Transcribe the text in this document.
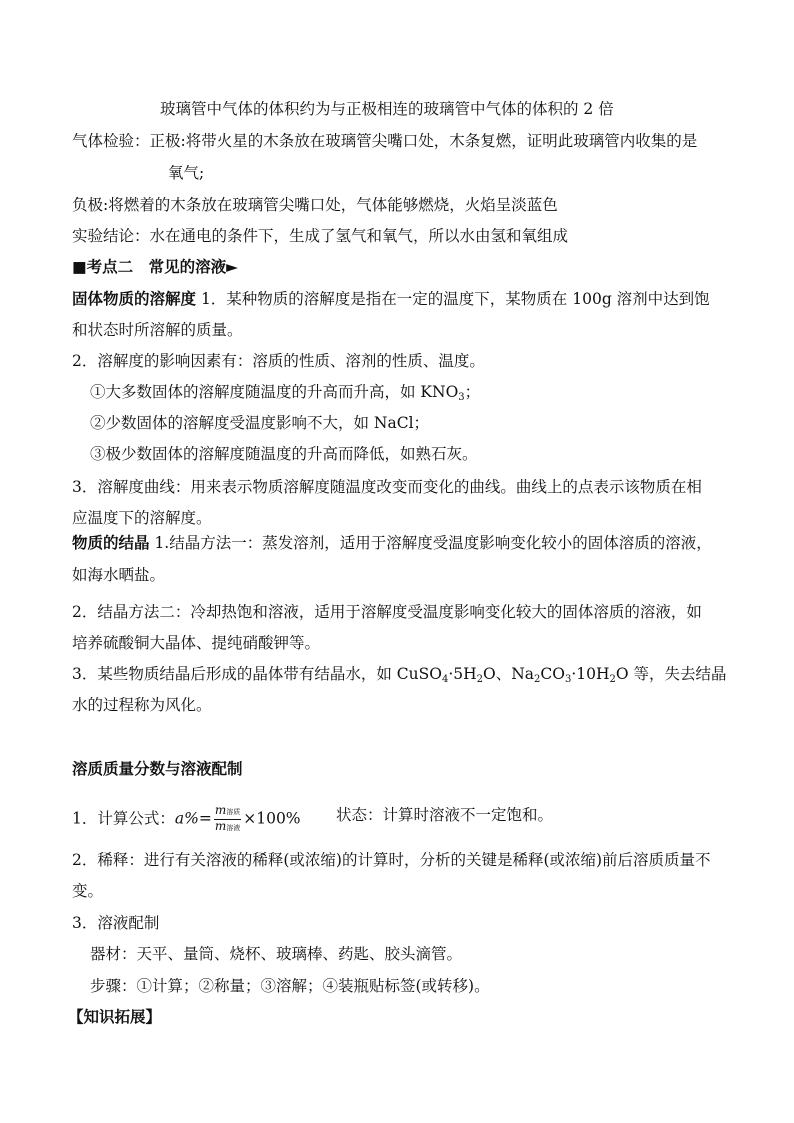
玻璃管中气体的体积约为与正极相连的玻璃管中气体的体积的 2 倍
气体检验：正极:将带火星的木条放在玻璃管尖嘴口处，木条复燃，证明此玻璃管内收集的是
氧气;
负极:将燃着的木条放在玻璃管尖嘴口处，气体能够燃烧，火焰呈淡蓝色
实验结论：水在通电的条件下，生成了氢气和氧气，所以水由氢和氧组成
■考点二　常见的溶液►
固体物质的溶解度 1．某种物质的溶解度是指在一定的温度下，某物质在 100g 溶剂中达到饱
和状态时所溶解的质量。
2．溶解度的影响因素有：溶质的性质、溶剂的性质、温度。
①大多数固体的溶解度随温度的升高而升高，如 $KNO_3$；
②少数固体的溶解度受温度影响不大，如 NaCl；
③极少数固体的溶解度随温度的升高而降低，如熟石灰。
3．溶解度曲线：用来表示物质溶解度随温度改变而变化的曲线。曲线上的点表示该物质在相
应温度下的溶解度。
物质的结晶 1.结晶方法一：蒸发溶剂，适用于溶解度受温度影响变化较小的固体溶质的溶液，
如海水晒盐。
2．结晶方法二：冷却热饱和溶液，适用于溶解度受温度影响变化较大的固体溶质的溶液，如
培养硫酸铜大晶体、提纯硝酸钾等。
3．某些物质结晶后形成的晶体带有结晶水，如 $CuSO_4\cdot 5H_2O$、$Na_2CO_3\cdot 10H_2O$ 等，失去结晶
水的过程称为风化。
溶质质量分数与溶液配制
1．计算公式：$a\%= \frac{\text{m溶质}}{\text{m溶液}} \times 100\%$ 状态：计算时溶液不一定饱和。
2．稀释：进行有关溶液的稀释(或浓缩)的计算时，分析的关键是稀释(或浓缩)前后溶质质量不
变。
3．溶液配制
器材：天平、量筒、烧杯、玻璃棒、药匙、胶头滴管。
步骤：①计算；②称量；③溶解；④装瓶贴标签(或转移)。
【知识拓展】
